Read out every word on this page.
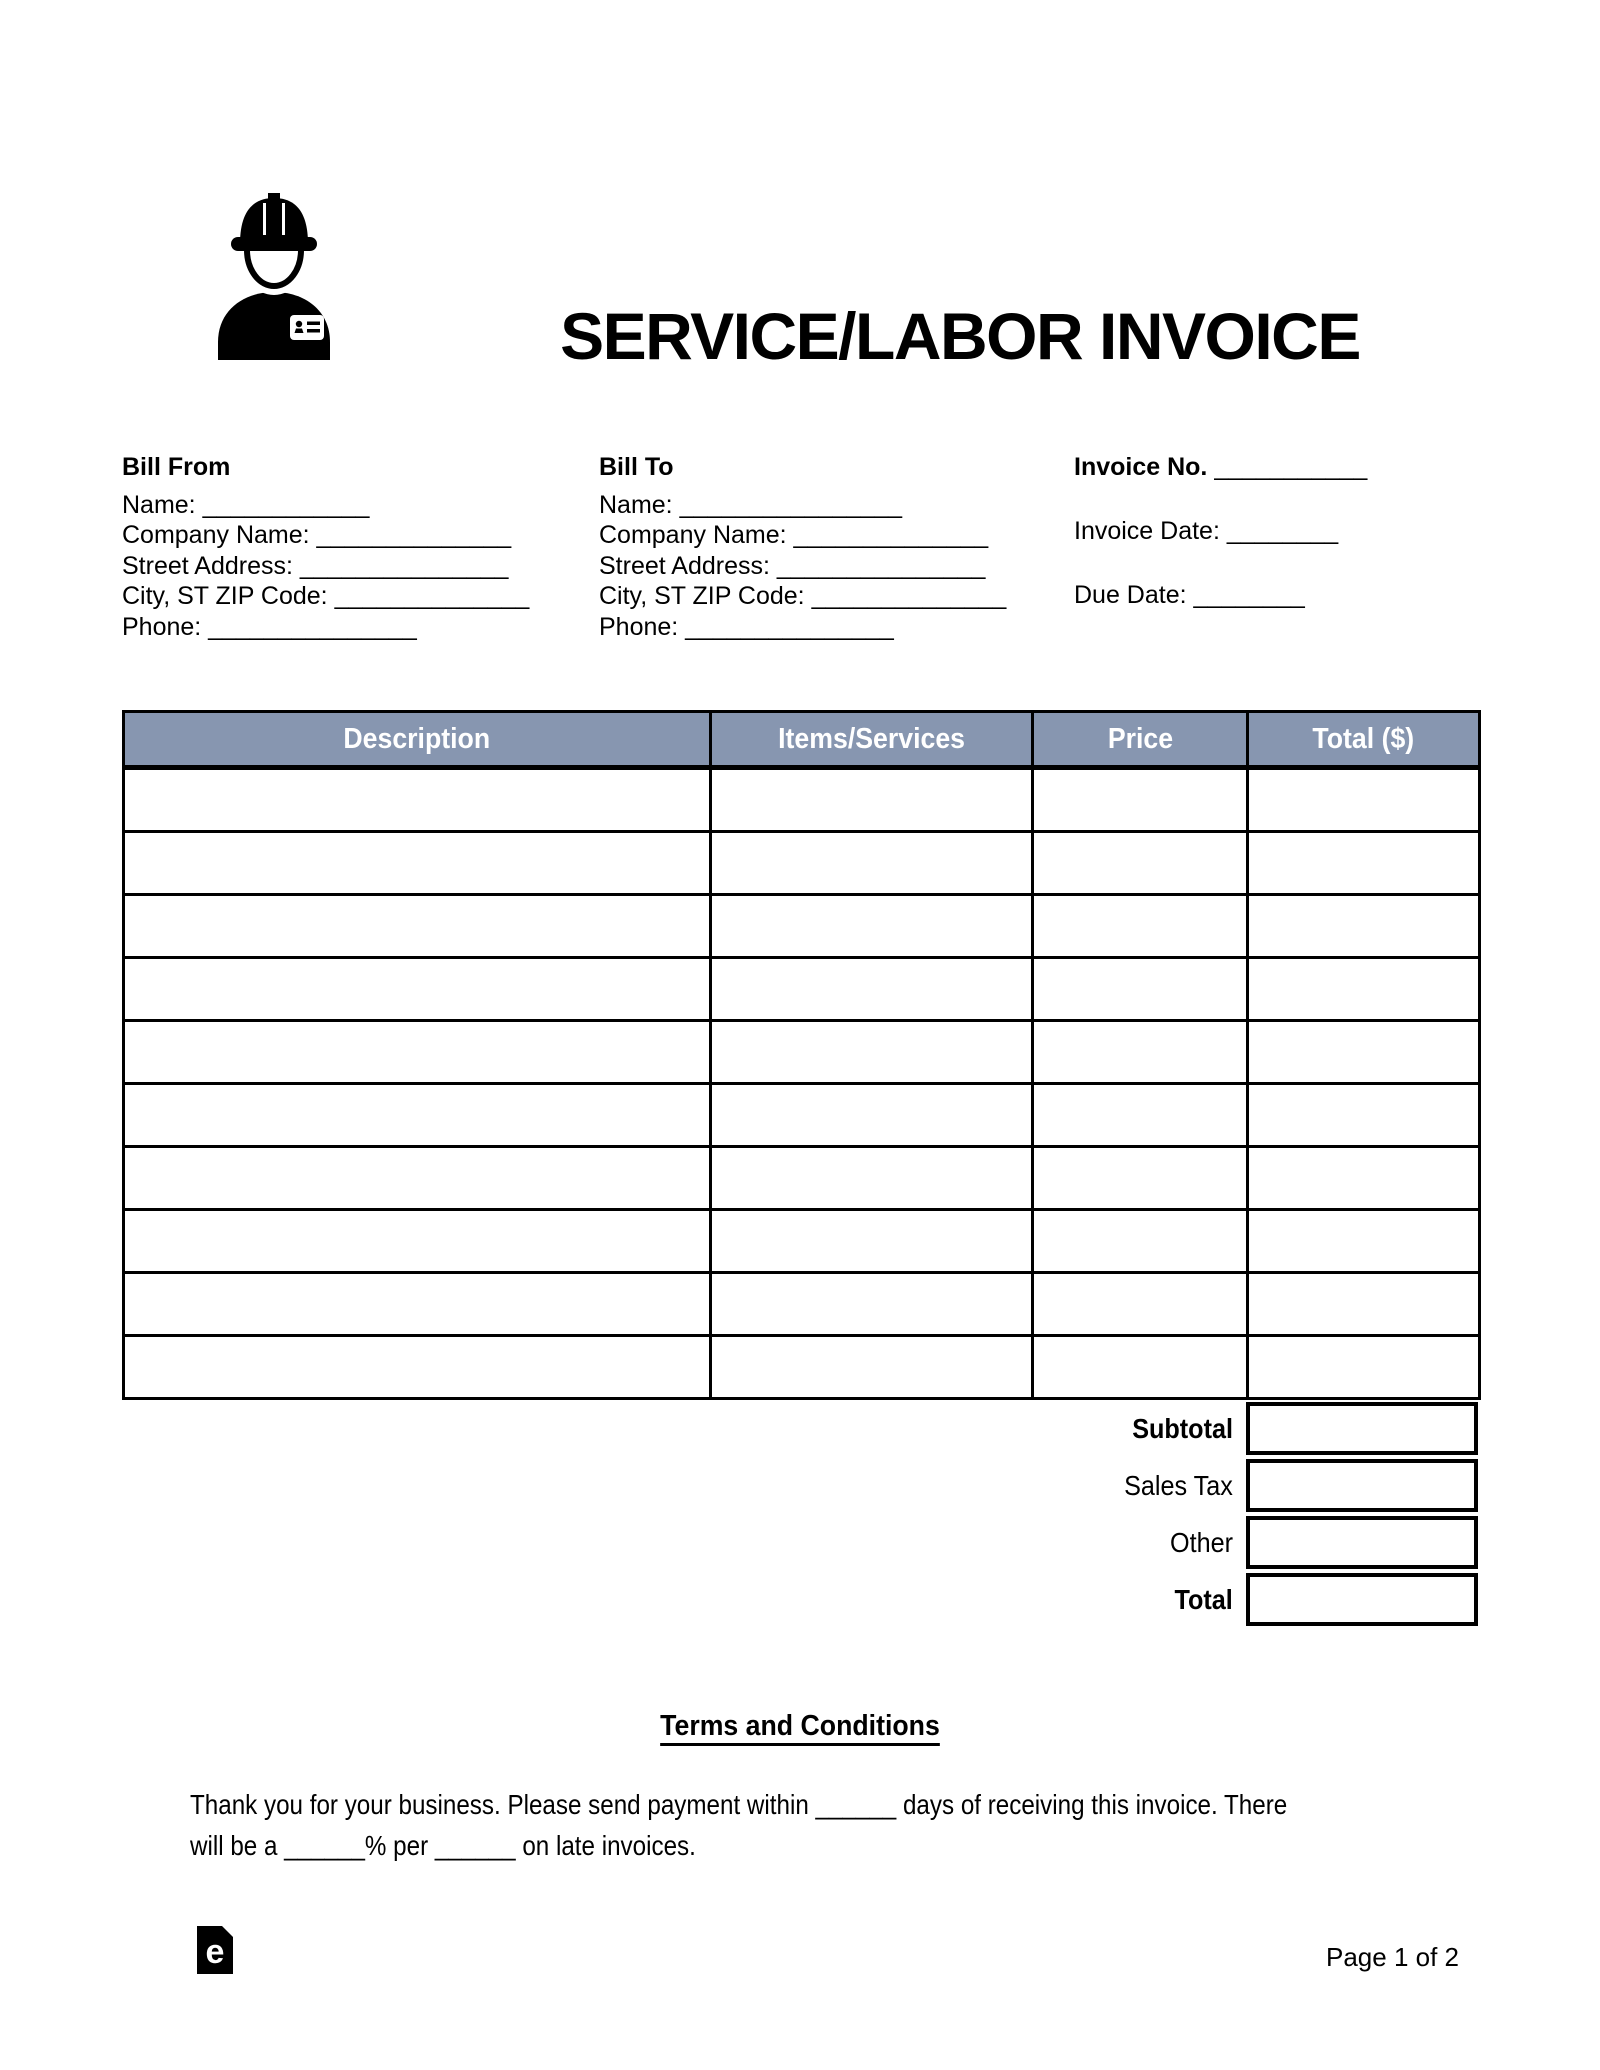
SERVICE/LABOR INVOICE
Bill From
Name: ____________
Company Name: ______________
Street Address: _______________
City, ST ZIP Code: ______________
Phone: _______________
Bill To
Name: ________________
Company Name: ______________
Street Address: _______________
City, ST ZIP Code: ______________
Phone: _______________
Invoice No. ___________
Invoice Date: ________
Due Date: ________
Description	Items/Services	Price	Total ($)

Subtotal
Sales Tax
Other
Total
Terms and Conditions
Thank you for your business. Please send payment within ______ days of receiving this invoice. There
will be a ______% per ______ on late invoices.
e	Page 1 of 2
